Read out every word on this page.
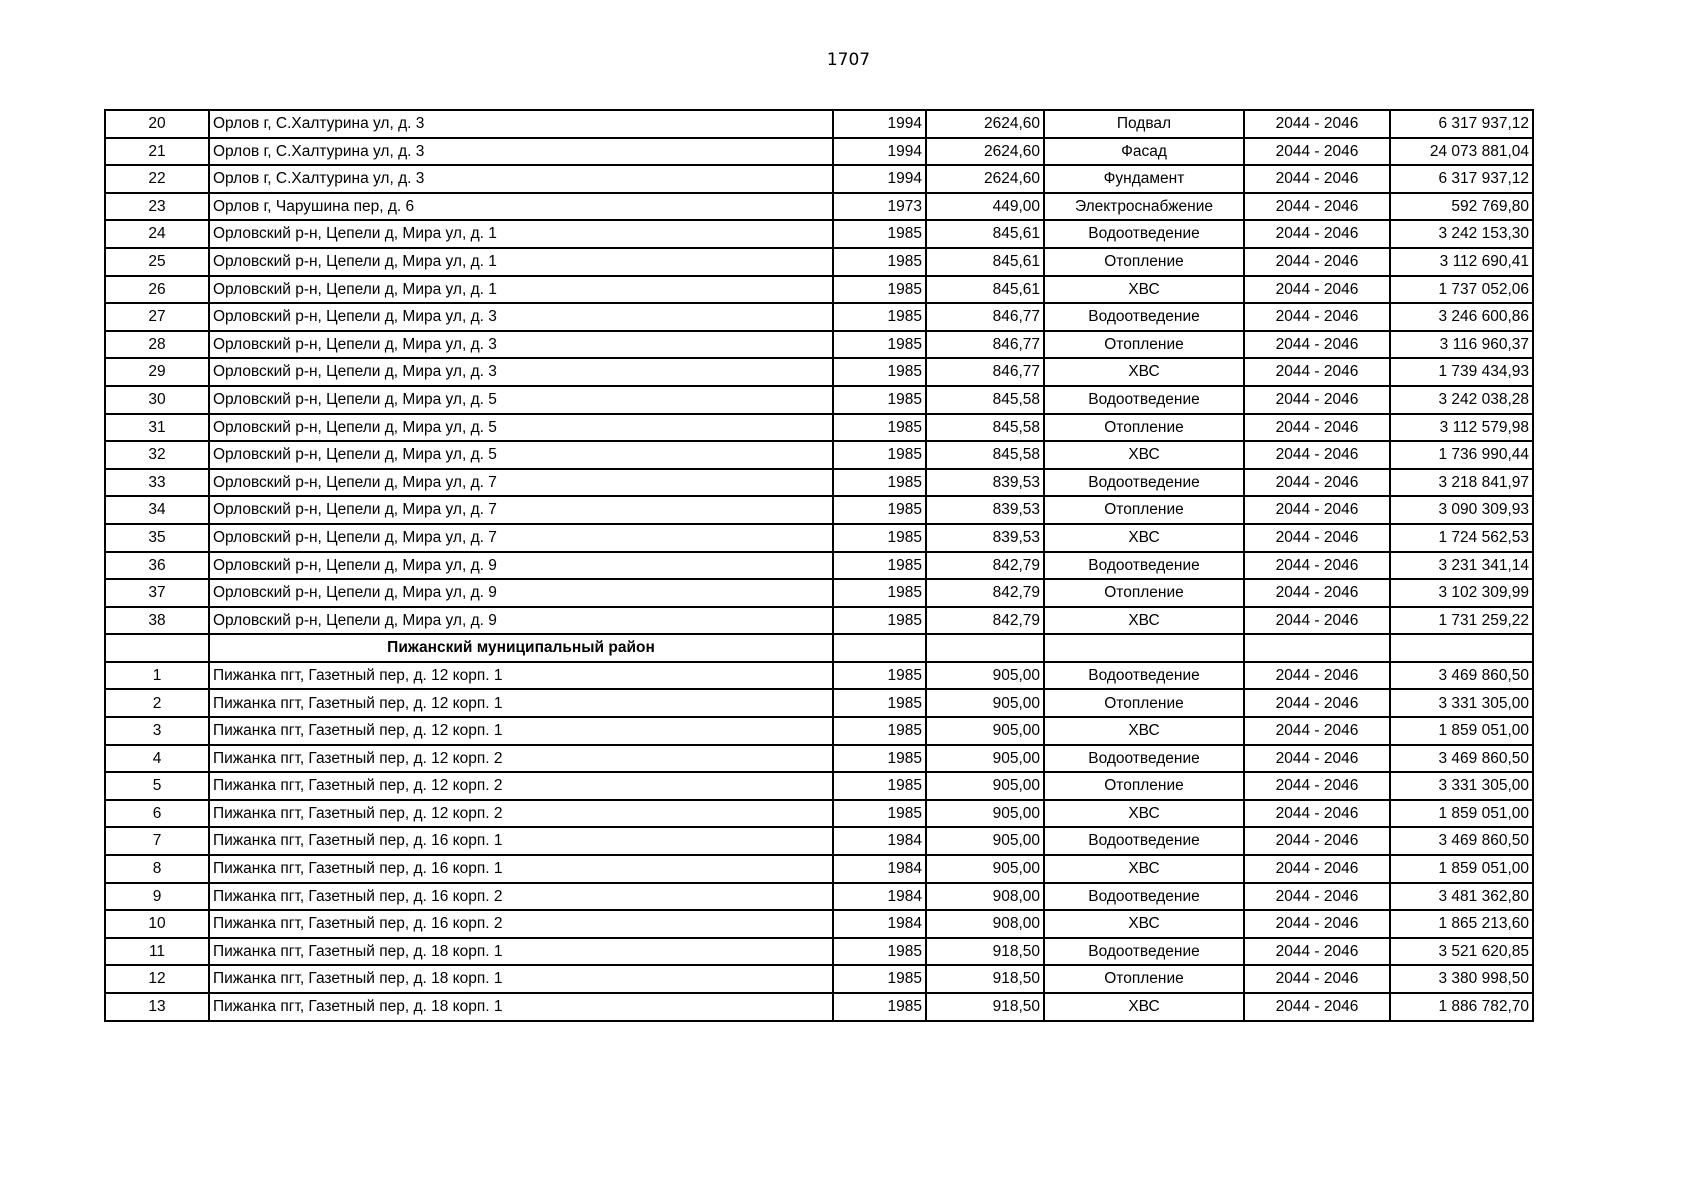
1707
20	Орлов г, С.Халтурина ул, д. 3	1994	2624,60	Подвал	2044 - 2046	6 317 937,12
21	Орлов г, С.Халтурина ул, д. 3	1994	2624,60	Фасад	2044 - 2046	24 073 881,04
22	Орлов г, С.Халтурина ул, д. 3	1994	2624,60	Фундамент	2044 - 2046	6 317 937,12
23	Орлов г, Чарушина пер, д. 6	1973	449,00	Электроснабжение	2044 - 2046	592 769,80
24	Орловский р-н, Цепели д, Мира ул, д. 1	1985	845,61	Водоотведение	2044 - 2046	3 242 153,30
25	Орловский р-н, Цепели д, Мира ул, д. 1	1985	845,61	Отопление	2044 - 2046	3 112 690,41
26	Орловский р-н, Цепели д, Мира ул, д. 1	1985	845,61	ХВС	2044 - 2046	1 737 052,06
27	Орловский р-н, Цепели д, Мира ул, д. 3	1985	846,77	Водоотведение	2044 - 2046	3 246 600,86
28	Орловский р-н, Цепели д, Мира ул, д. 3	1985	846,77	Отопление	2044 - 2046	3 116 960,37
29	Орловский р-н, Цепели д, Мира ул, д. 3	1985	846,77	ХВС	2044 - 2046	1 739 434,93
30	Орловский р-н, Цепели д, Мира ул, д. 5	1985	845,58	Водоотведение	2044 - 2046	3 242 038,28
31	Орловский р-н, Цепели д, Мира ул, д. 5	1985	845,58	Отопление	2044 - 2046	3 112 579,98
32	Орловский р-н, Цепели д, Мира ул, д. 5	1985	845,58	ХВС	2044 - 2046	1 736 990,44
33	Орловский р-н, Цепели д, Мира ул, д. 7	1985	839,53	Водоотведение	2044 - 2046	3 218 841,97
34	Орловский р-н, Цепели д, Мира ул, д. 7	1985	839,53	Отопление	2044 - 2046	3 090 309,93
35	Орловский р-н, Цепели д, Мира ул, д. 7	1985	839,53	ХВС	2044 - 2046	1 724 562,53
36	Орловский р-н, Цепели д, Мира ул, д. 9	1985	842,79	Водоотведение	2044 - 2046	3 231 341,14
37	Орловский р-н, Цепели д, Мира ул, д. 9	1985	842,79	Отопление	2044 - 2046	3 102 309,99
38	Орловский р-н, Цепели д, Мира ул, д. 9	1985	842,79	ХВС	2044 - 2046	1 731 259,22
	Пижанский муниципальный район					
1	Пижанка пгт, Газетный пер, д. 12 корп. 1	1985	905,00	Водоотведение	2044 - 2046	3 469 860,50
2	Пижанка пгт, Газетный пер, д. 12 корп. 1	1985	905,00	Отопление	2044 - 2046	3 331 305,00
3	Пижанка пгт, Газетный пер, д. 12 корп. 1	1985	905,00	ХВС	2044 - 2046	1 859 051,00
4	Пижанка пгт, Газетный пер, д. 12 корп. 2	1985	905,00	Водоотведение	2044 - 2046	3 469 860,50
5	Пижанка пгт, Газетный пер, д. 12 корп. 2	1985	905,00	Отопление	2044 - 2046	3 331 305,00
6	Пижанка пгт, Газетный пер, д. 12 корп. 2	1985	905,00	ХВС	2044 - 2046	1 859 051,00
7	Пижанка пгт, Газетный пер, д. 16 корп. 1	1984	905,00	Водоотведение	2044 - 2046	3 469 860,50
8	Пижанка пгт, Газетный пер, д. 16 корп. 1	1984	905,00	ХВС	2044 - 2046	1 859 051,00
9	Пижанка пгт, Газетный пер, д. 16 корп. 2	1984	908,00	Водоотведение	2044 - 2046	3 481 362,80
10	Пижанка пгт, Газетный пер, д. 16 корп. 2	1984	908,00	ХВС	2044 - 2046	1 865 213,60
11	Пижанка пгт, Газетный пер, д. 18 корп. 1	1985	918,50	Водоотведение	2044 - 2046	3 521 620,85
12	Пижанка пгт, Газетный пер, д. 18 корп. 1	1985	918,50	Отопление	2044 - 2046	3 380 998,50
13	Пижанка пгт, Газетный пер, д. 18 корп. 1	1985	918,50	ХВС	2044 - 2046	1 886 782,70
